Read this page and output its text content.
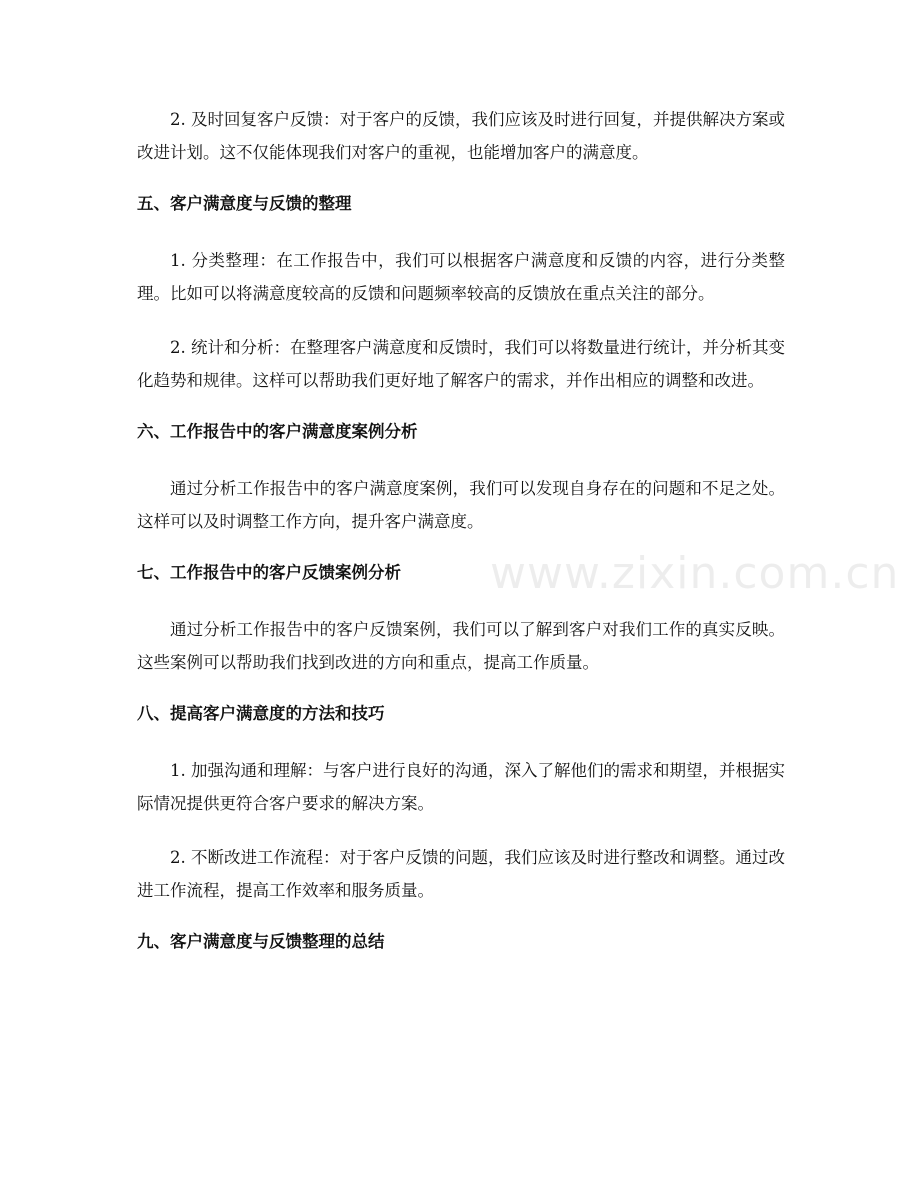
2. 及时回复客户反馈：对于客户的反馈，我们应该及时进行回复，并提供解决方案或改进计划。这不仅能体现我们对客户的重视，也能增加客户的满意度。

五、客户满意度与反馈的整理

1. 分类整理：在工作报告中，我们可以根据客户满意度和反馈的内容，进行分类整理。比如可以将满意度较高的反馈和问题频率较高的反馈放在重点关注的部分。

2. 统计和分析：在整理客户满意度和反馈时，我们可以将数量进行统计，并分析其变化趋势和规律。这样可以帮助我们更好地了解客户的需求，并作出相应的调整和改进。

六、工作报告中的客户满意度案例分析

通过分析工作报告中的客户满意度案例，我们可以发现自身存在的问题和不足之处。这样可以及时调整工作方向，提升客户满意度。

七、工作报告中的客户反馈案例分析

通过分析工作报告中的客户反馈案例，我们可以了解到客户对我们工作的真实反映。这些案例可以帮助我们找到改进的方向和重点，提高工作质量。

八、提高客户满意度的方法和技巧

1. 加强沟通和理解：与客户进行良好的沟通，深入了解他们的需求和期望，并根据实际情况提供更符合客户要求的解决方案。

2. 不断改进工作流程：对于客户反馈的问题，我们应该及时进行整改和调整。通过改进工作流程，提高工作效率和服务质量。

九、客户满意度与反馈整理的总结
www.zixin.com.cn
